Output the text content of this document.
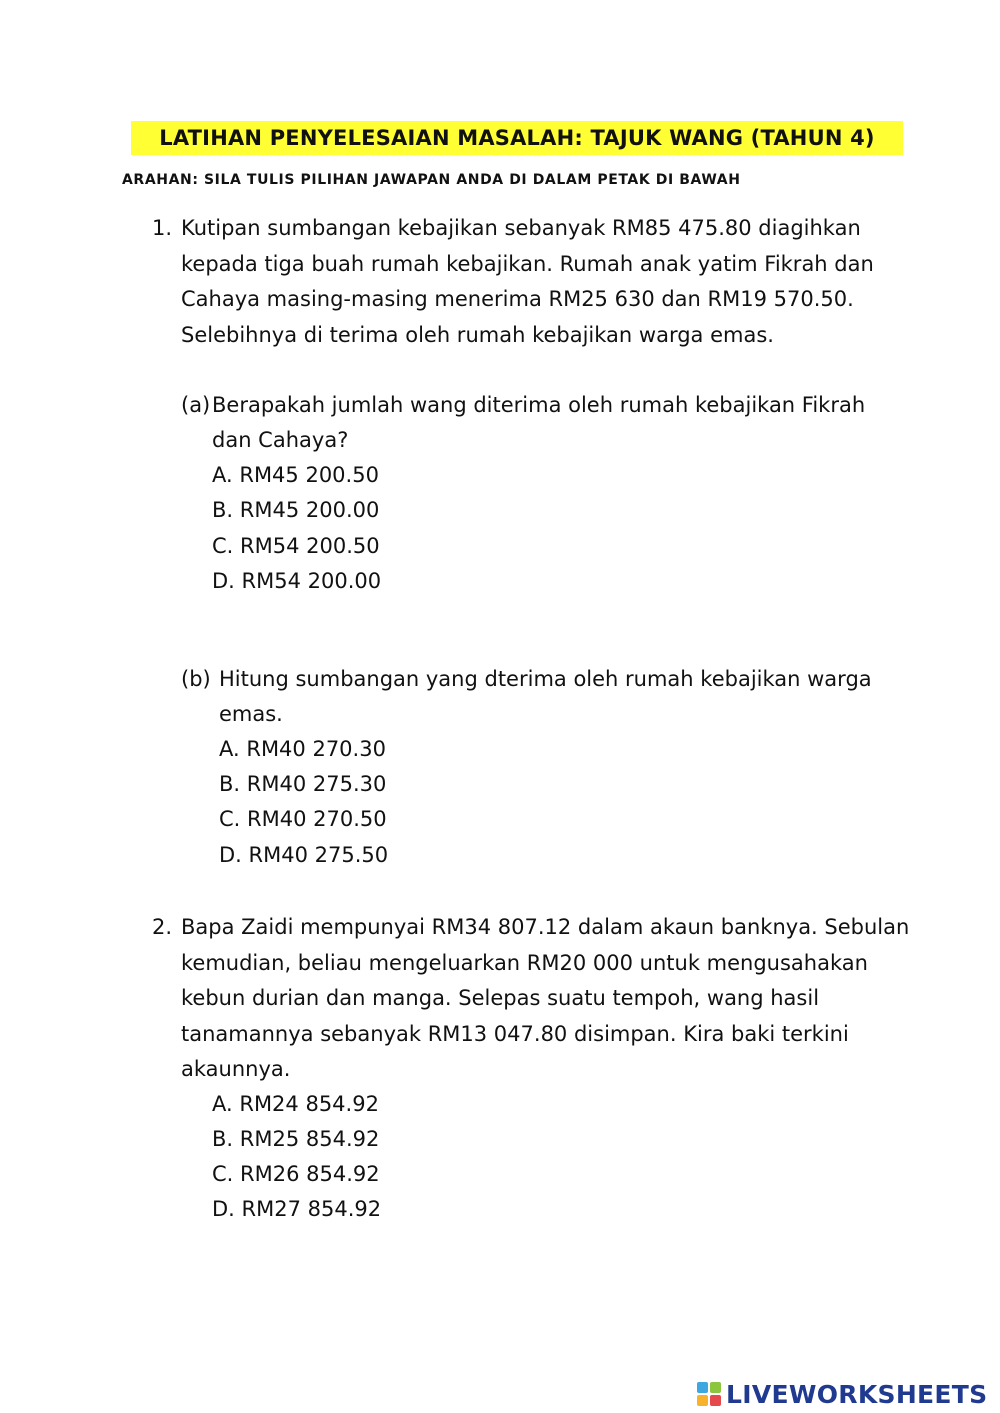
LATIHAN PENYELESAIAN MASALAH: TAJUK WANG (TAHUN 4)
ARAHAN: SILA TULIS PILIHAN JAWAPAN ANDA DI DALAM PETAK DI BAWAH
1. Kutipan sumbangan kebajikan sebanyak RM85 475.80 diagihkan
kepada tiga buah rumah kebajikan. Rumah anak yatim Fikrah dan
Cahaya masing-masing menerima RM25 630 dan RM19 570.50.
Selebihnya di terima oleh rumah kebajikan warga emas.
(a) Berapakah jumlah wang diterima oleh rumah kebajikan Fikrah
dan Cahaya?
A. RM45 200.50
B. RM45 200.00
C. RM54 200.50
D. RM54 200.00
(b) Hitung sumbangan yang dterima oleh rumah kebajikan warga
emas.
A. RM40 270.30
B. RM40 275.30
C. RM40 270.50
D. RM40 275.50
2. Bapa Zaidi mempunyai RM34 807.12 dalam akaun banknya. Sebulan
kemudian, beliau mengeluarkan RM20 000 untuk mengusahakan
kebun durian dan manga. Selepas suatu tempoh, wang hasil
tanamannya sebanyak RM13 047.80 disimpan. Kira baki terkini
akaunnya.
A. RM24 854.92
B. RM25 854.92
C. RM26 854.92
D. RM27 854.92
LIVEWORKSHEETS
